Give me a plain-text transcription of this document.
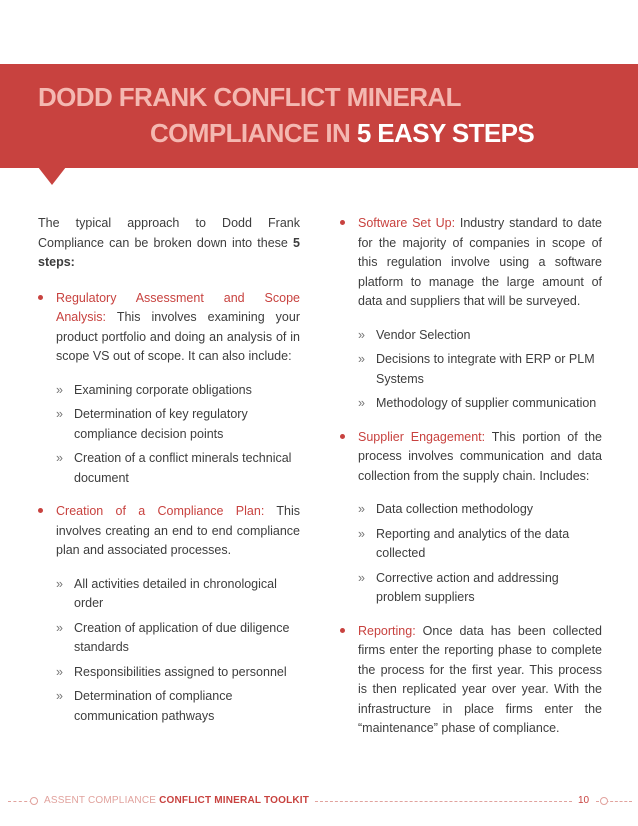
DODD FRANK CONFLICT MINERAL
COMPLIANCE IN 5 EASY STEPS

The typical approach to Dodd Frank Compliance can be broken down into these 5 steps:

Regulatory Assessment and Scope Analysis: This involves examining your product portfolio and doing an analysis of in scope VS out of scope. It can also include:

» Examining corporate obligations
» Determination of key regulatory compliance decision points
» Creation of a conflict minerals technical document

Creation of a Compliance Plan: This involves creating an end to end compliance plan and associated processes.

» All activities detailed in chronological order
» Creation of application of due diligence standards
» Responsibilities assigned to personnel
» Determination of compliance communication pathways

Software Set Up: Industry standard to date for the majority of companies in scope of this regulation involve using a software platform to manage the large amount of data and suppliers that will be surveyed.

» Vendor Selection
» Decisions to integrate with ERP or PLM Systems
» Methodology of supplier communication

Supplier Engagement: This portion of the process involves communication and data collection from the supply chain. Includes:

» Data collection methodology
» Reporting and analytics of the data collected
» Corrective action and addressing problem suppliers

Reporting: Once data has been collected firms enter the reporting phase to complete the process for the first year. This process is then replicated year over year. With the infrastructure in place firms enter the “maintenance” phase of compliance.

ASSENT COMPLIANCE CONFLICT MINERAL TOOLKIT	10
